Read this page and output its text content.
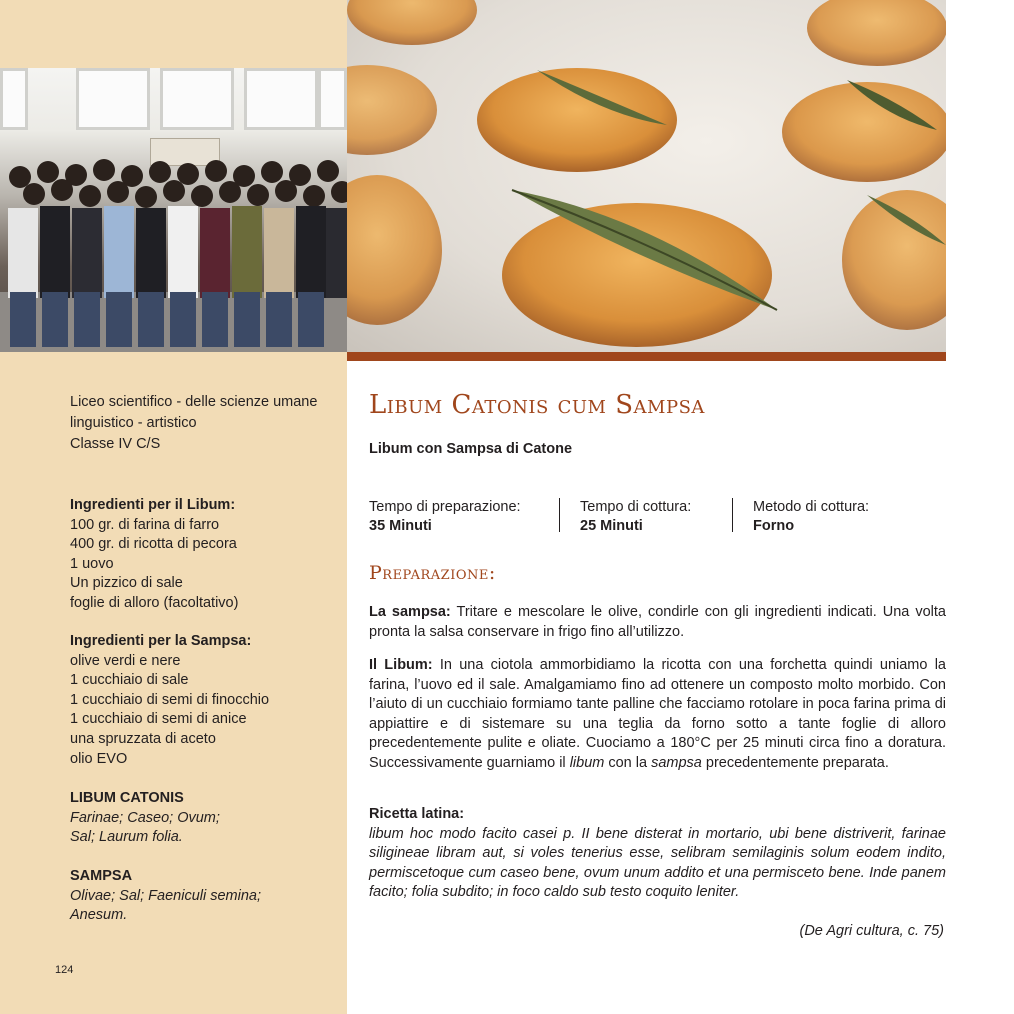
Liceo scientifico - delle scienze umane
linguistico - artistico
Classe IV C/S
Ingredienti per il Libum:
100 gr. di farina di farro
400 gr. di ricotta di pecora
1 uovo
Un pizzico di sale
foglie di alloro (facoltativo)
Ingredienti per la Sampsa:
olive verdi e nere
1 cucchiaio di sale
1 cucchiaio di semi di finocchio
1 cucchiaio di semi di anice
una spruzzata di aceto
olio EVO
LIBUM CATONIS
Farinae; Caseo; Ovum;
Sal; Laurum folia.
SAMPSA
Olivae; Sal; Faeniculi semina;
Anesum.
124
Libum Catonis cum Sampsa
Libum con Sampsa di Catone
Tempo di preparazione:
35 Minuti
Tempo di cottura:
25 Minuti
Metodo di cottura:
Forno
Preparazione:
La sampsa: Tritare e mescolare le olive, condirle con gli ingredienti indicati. Una volta pronta la salsa conservare in frigo fino all’utilizzo.
Il Libum: In una ciotola ammorbidiamo la ricotta con una forchetta quindi uniamo la farina, l’uovo ed il sale. Amalgamiamo fino ad ottenere un composto molto morbido. Con l’aiuto di un cucchiaio formiamo tante palline che facciamo rotolare in poca farina prima di appiattire e di sistemare su una teglia da forno sotto a tante foglie di alloro precedentemente pulite e oliate. Cuociamo a 180°C per 25 minuti circa fino a doratura. Successivamente guarniamo il libum con la sampsa precedentemente preparata.
Ricetta latina:
libum hoc modo facito casei p. II bene disterat in mortario, ubi bene distriverit, farinae siligineae libram aut, si voles tenerius esse, selibram semilaginis solum eodem indito, permiscetoque cum caseo bene, ovum unum addito et una permisceto bene. Inde panem facito; folia subdito; in foco caldo sub testo coquito leniter.
(De Agri cultura, c. 75)
